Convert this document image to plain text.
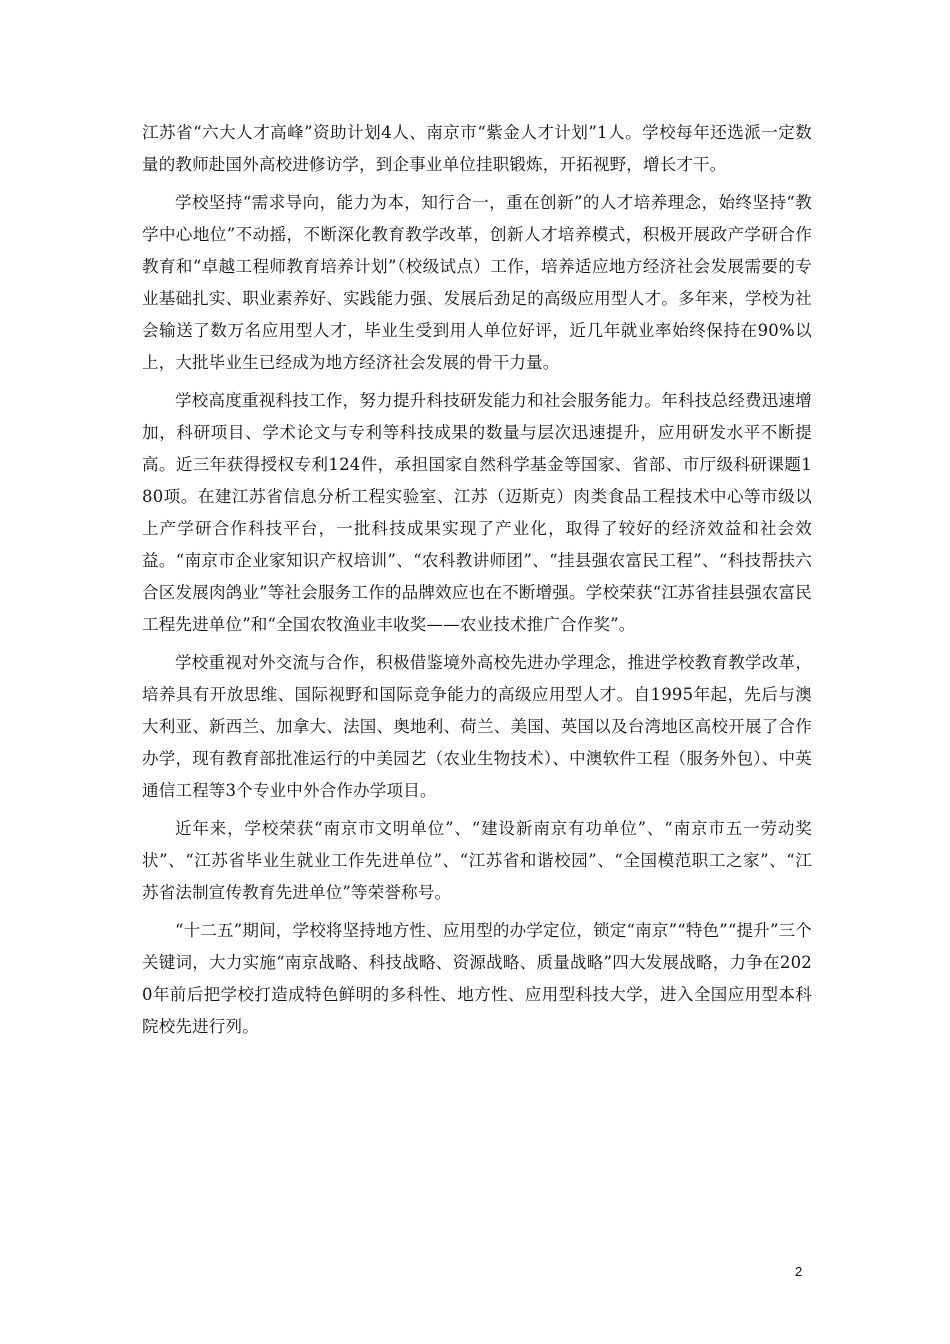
江苏省“六大人才高峰”资助计划4人、南京市“紫金人才计划”1人。学校每年还选派一定数量的教师赴国外高校进修访学，到企事业单位挂职锻炼，开拓视野，增长才干。

学校坚持“需求导向，能力为本，知行合一，重在创新”的人才培养理念，始终坚持“教学中心地位”不动摇，不断深化教育教学改革，创新人才培养模式，积极开展政产学研合作教育和“卓越工程师教育培养计划”（校级试点）工作，培养适应地方经济社会发展需要的专业基础扎实、职业素养好、实践能力强、发展后劲足的高级应用型人才。多年来，学校为社会输送了数万名应用型人才，毕业生受到用人单位好评，近几年就业率始终保持在90%以上，大批毕业生已经成为地方经济社会发展的骨干力量。

学校高度重视科技工作，努力提升科技研发能力和社会服务能力。年科技总经费迅速增加，科研项目、学术论文与专利等科技成果的数量与层次迅速提升，应用研发水平不断提高。近三年获得授权专利124件，承担国家自然科学基金等国家、省部、市厅级科研课题180项。在建江苏省信息分析工程实验室、江苏（迈斯克）肉类食品工程技术中心等市级以上产学研合作科技平台，一批科技成果实现了产业化，取得了较好的经济效益和社会效益。“南京市企业家知识产权培训”、“农科教讲师团”、“挂县强农富民工程”、“科技帮扶六合区发展肉鸽业”等社会服务工作的品牌效应也在不断增强。学校荣获“江苏省挂县强农富民工程先进单位”和“全国农牧渔业丰收奖——农业技术推广合作奖”。

学校重视对外交流与合作，积极借鉴境外高校先进办学理念，推进学校教育教学改革，培养具有开放思维、国际视野和国际竞争能力的高级应用型人才。自1995年起，先后与澳大利亚、新西兰、加拿大、法国、奥地利、荷兰、美国、英国以及台湾地区高校开展了合作办学，现有教育部批准运行的中美园艺（农业生物技术）、中澳软件工程（服务外包）、中英通信工程等3个专业中外合作办学项目。

近年来，学校荣获“南京市文明单位”、“建设新南京有功单位”、“南京市五一劳动奖状”、“江苏省毕业生就业工作先进单位”、“江苏省和谐校园”、“全国模范职工之家”、“江苏省法制宣传教育先进单位”等荣誉称号。

“十二五”期间，学校将坚持地方性、应用型的办学定位，锁定“南京”“特色”“提升”三个关键词，大力实施“南京战略、科技战略、资源战略、质量战略”四大发展战略，力争在2020年前后把学校打造成特色鲜明的多科性、地方性、应用型科技大学，进入全国应用型本科院校先进行列。

2
